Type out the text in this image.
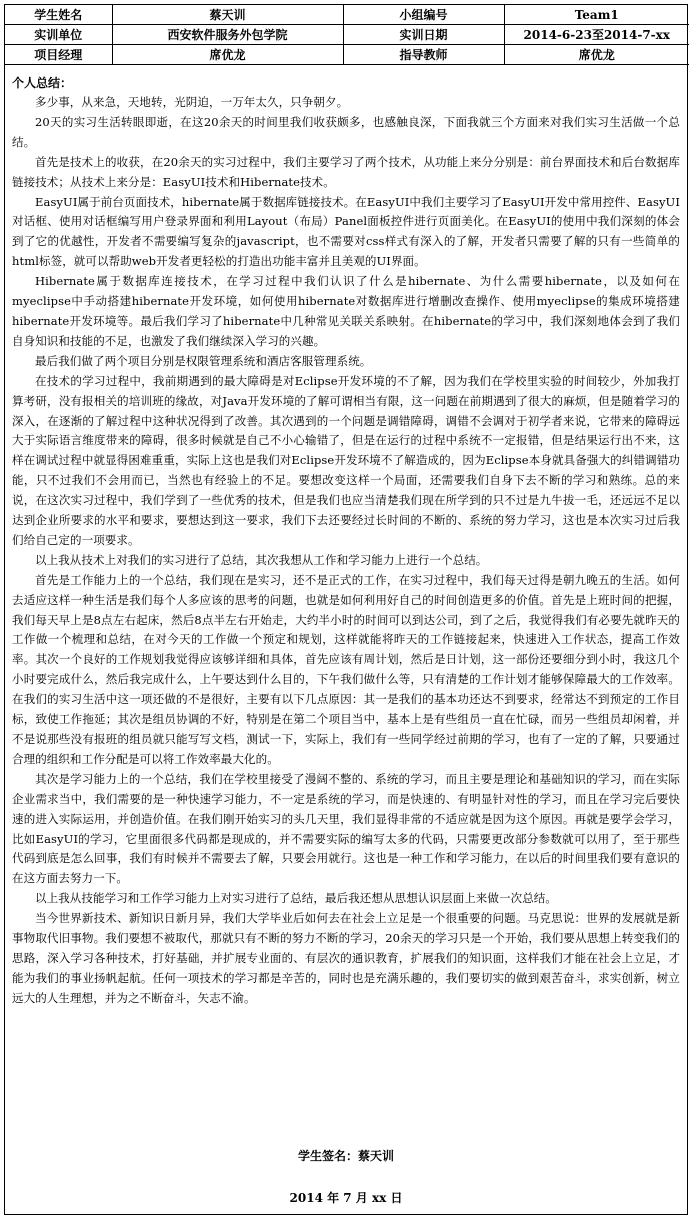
学生姓名	蔡天训	小组编号	Team1
实训单位	西安软件服务外包学院	实训日期	2014-6-23至2014-7-xx
项目经理	席优龙	指导教师	席优龙
个人总结：

多少事，从来急，天地转，光阴迫，一万年太久，只争朝夕。

20天的实习生活转眼即逝，在这20余天的时间里我们收获颇多，也感触良深，下面我就三个方面来对我们实习生活做一个总结。

首先是技术上的收获，在20余天的实习过程中，我们主要学习了两个技术，从功能上来分分别是：前台界面技术和后台数据库链接技术；从技术上来分是：EasyUI技术和Hibernate技术。

EasyUI属于前台页面技术，hibernate属于数据库链接技术。在EasyUI中我们主要学习了EasyUI开发中常用控件、EasyUI对话框、使用对话框编写用户登录界面和利用Layout（布局）Panel面板控件进行页面美化。在EasyUI的使用中我们深刻的体会到了它的优越性，开发者不需要编写复杂的javascript，也不需要对css样式有深入的了解，开发者只需要了解的只有一些简单的html标签，就可以帮助web开发者更轻松的打造出功能丰富并且美观的UI界面。

Hibernate属于数据库连接技术，在学习过程中我们认识了什么是hibernate、为什么需要hibernate，以及如何在myeclipse中手动搭建hibernate开发环境，如何使用hibernate对数据库进行增删改查操作、使用myeclipse的集成环境搭建hibernate开发环境等。最后我们学习了hibernate中几种常见关联关系映射。在hibernate的学习中，我们深刻地体会到了我们自身知识和技能的不足，也激发了我们继续深入学习的兴趣。

最后我们做了两个项目分别是权限管理系统和酒店客服管理系统。

在技术的学习过程中，我前期遇到的最大障碍是对Eclipse开发环境的不了解，因为我们在学校里实验的时间较少，外加我打算考研，没有报相关的培训班的缘故，对Java开发环境的了解可谓相当有限，这一问题在前期遇到了很大的麻烦，但是随着学习的深入，在逐渐的了解过程中这种状况得到了改善。其次遇到的一个问题是调错障碍，调错不会调对于初学者来说，它带来的障碍远大于实际语言维度带来的障碍，很多时候就是自己不小心输错了，但是在运行的过程中系统不一定报错，但是结果运行出不来，这样在调试过程中就显得困难重重，实际上这也是我们对Eclipse开发环境不了解造成的，因为Eclipse本身就具备强大的纠错调错功能，只不过我们不会用而已，当然也有经验上的不足。要想改变这样一个局面，还需要我们自身下去不断的学习和熟练。总的来说，在这次实习过程中，我们学到了一些优秀的技术，但是我们也应当清楚我们现在所学到的只不过是九牛拔一毛，还远远不足以达到企业所要求的水平和要求，要想达到这一要求，我们下去还要经过长时间的不断的、系统的努力学习，这也是本次实习过后我们给自己定的一项要求。

以上我从技术上对我们的实习进行了总结，其次我想从工作和学习能力上进行一个总结。

首先是工作能力上的一个总结，我们现在是实习，还不是正式的工作，在实习过程中，我们每天过得是朝九晚五的生活。如何去适应这样一种生活是我们每个人多应该的思考的问题，也就是如何利用好自己的时间创造更多的价值。首先是上班时间的把握，我们每天早上是8点左右起床，然后8点半左右开始走，大约半小时的时间可以到达公司，到了之后，我觉得我们有必要先就昨天的工作做一个梳理和总结，在对今天的工作做一个预定和规划，这样就能将昨天的工作链接起来，快速进入工作状态，提高工作效率。其次一个良好的工作规划我觉得应该够详细和具体，首先应该有周计划，然后是日计划，这一部份还要细分到小时，我这几个小时要完成什么，然后我完成什么，上午要达到什么目的，下午我们做什么等，只有清楚的工作计划才能够保障最大的工作效率。在我们的实习生活中这一项还做的不是很好，主要有以下几点原因：其一是我们的基本功还达不到要求，经常达不到预定的工作目标，致使工作拖延；其次是组员协调的不好，特别是在第二个项目当中，基本上是有些组员一直在忙碌，而另一些组员却闲着，并不是说那些没有报班的组员就只能写写文档，测试一下，实际上，我们有一些同学经过前期的学习，也有了一定的了解，只要通过合理的组织和工作分配是可以将工作效率最大化的。

其次是学习能力上的一个总结，我们在学校里接受了漫阔不整的、系统的学习，而且主要是理论和基础知识的学习，而在实际企业需求当中，我们需要的是一种快速学习能力，不一定是系统的学习，而是快速的、有明显针对性的学习，而且在学习完后要快速的进入实际运用，并创造价值。在我们刚开始实习的头几天里，我们显得非常的不适应就是因为这个原因。再就是要学会学习，比如EasyUI的学习，它里面很多代码都是现成的，并不需要实际的编写太多的代码，只需要更改部分参数就可以用了，至于那些代码到底是怎么回事，我们有时候并不需要去了解，只要会用就行。这也是一种工作和学习能力，在以后的时间里我们要有意识的在这方面去努力一下。

以上我从技能学习和工作学习能力上对实习进行了总结，最后我还想从思想认识层面上来做一次总结。

当今世界新技术、新知识日新月异，我们大学毕业后如何去在社会上立足是一个很重要的问题。马克思说：世界的发展就是新事物取代旧事物。我们要想不被取代，那就只有不断的努力不断的学习，20余天的学习只是一个开始，我们要从思想上转变我们的思路，深入学习各种技术，打好基础，并扩展专业面的、有层次的通识教育，扩展我们的知识面，这样我们才能在社会上立足，才能为我们的事业扬帆起航。任何一项技术的学习都是辛苦的，同时也是充满乐趣的，我们要切实的做到艰苦奋斗，求实创新，树立远大的人生理想，并为之不断奋斗，矢志不渝。

学生签名：蔡天训
2014 年 7 月 xx 日
